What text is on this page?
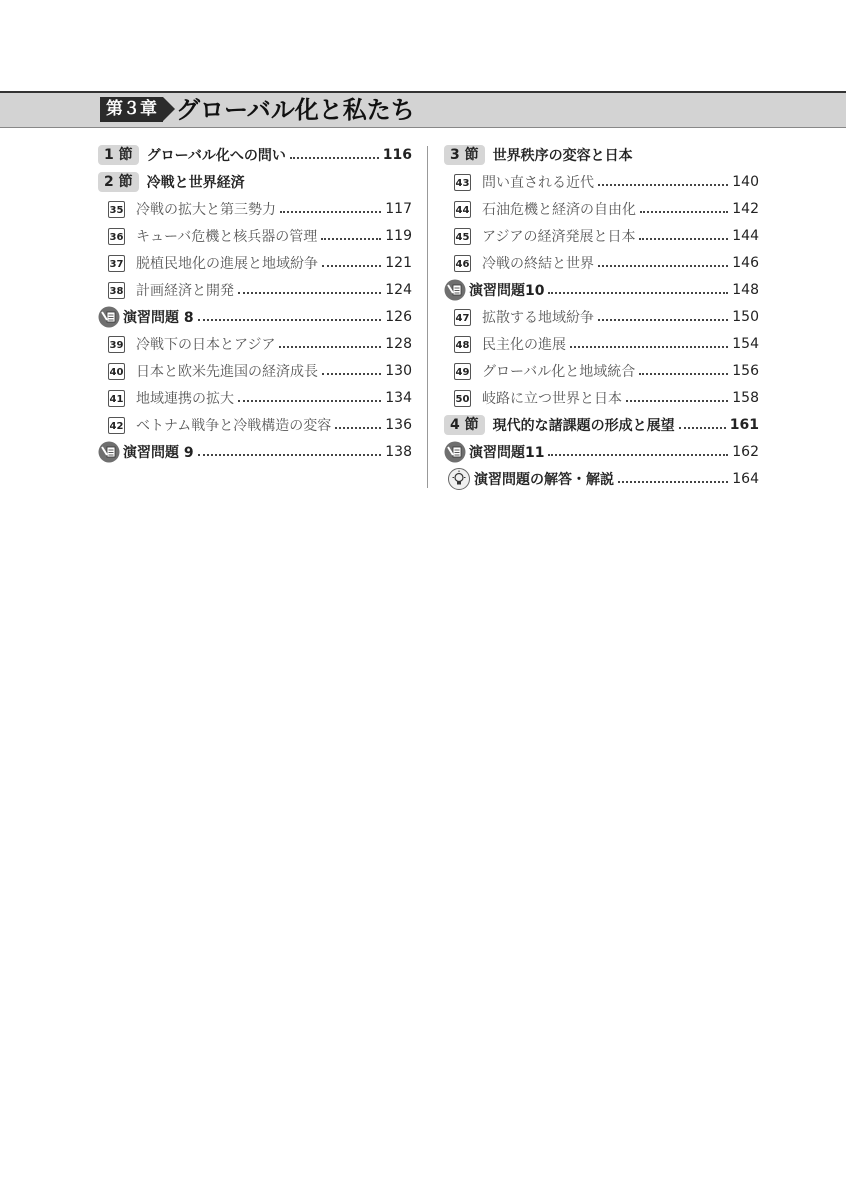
第３章 グローバル化と私たち
1 節	グローバル化への問い	116
2 節	冷戦と世界経済
35 冷戦の拡大と第三勢力	117
36 キューバ危機と核兵器の管理	119
37 脱植民地化の進展と地域紛争	121
38 計画経済と開発	124
演習問題 8	126
39 冷戦下の日本とアジア	128
40 日本と欧米先進国の経済成長	130
41 地域連携の拡大	134
42 ベトナム戦争と冷戦構造の変容	136
演習問題 9	138
3 節	世界秩序の変容と日本
43 問い直される近代	140
44 石油危機と経済の自由化	142
45 アジアの経済発展と日本	144
46 冷戦の終結と世界	146
演習問題10	148
47 拡散する地域紛争	150
48 民主化の進展	154
49 グローバル化と地域統合	156
50 岐路に立つ世界と日本	158
4 節	現代的な諸課題の形成と展望	161
演習問題11	162
演習問題の解答・解説	164
